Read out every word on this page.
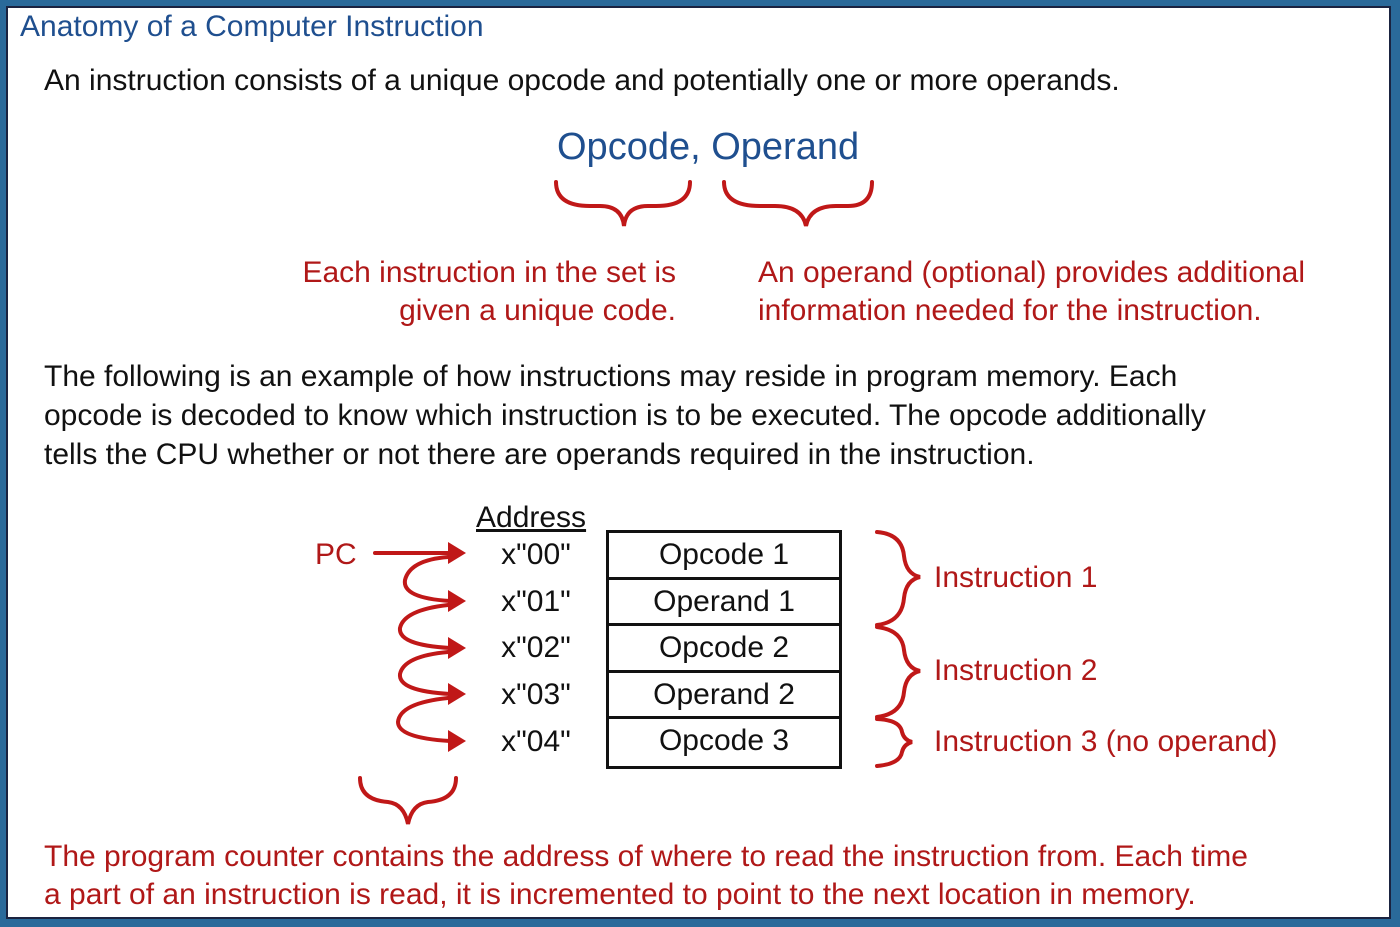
Anatomy of a Computer Instruction
An instruction consists of a unique opcode and potentially one or more operands.
Opcode, Operand
Each instruction in the set is
given a unique code.
An operand (optional) provides additional
information needed for the instruction.
The following is an example of how instructions may reside in program memory. Each
opcode is decoded to know which instruction is to be executed. The opcode additionally
tells the CPU whether or not there are operands required in the instruction.
PC
Address
x"00"
x"01"
x"02"
x"03"
x"04"
Opcode 1
Operand 1
Opcode 2
Operand 2
Opcode 3
Instruction 1
Instruction 2
Instruction 3 (no operand)
The program counter contains the address of where to read the instruction from. Each time
a part of an instruction is read, it is incremented to point to the next location in memory.
